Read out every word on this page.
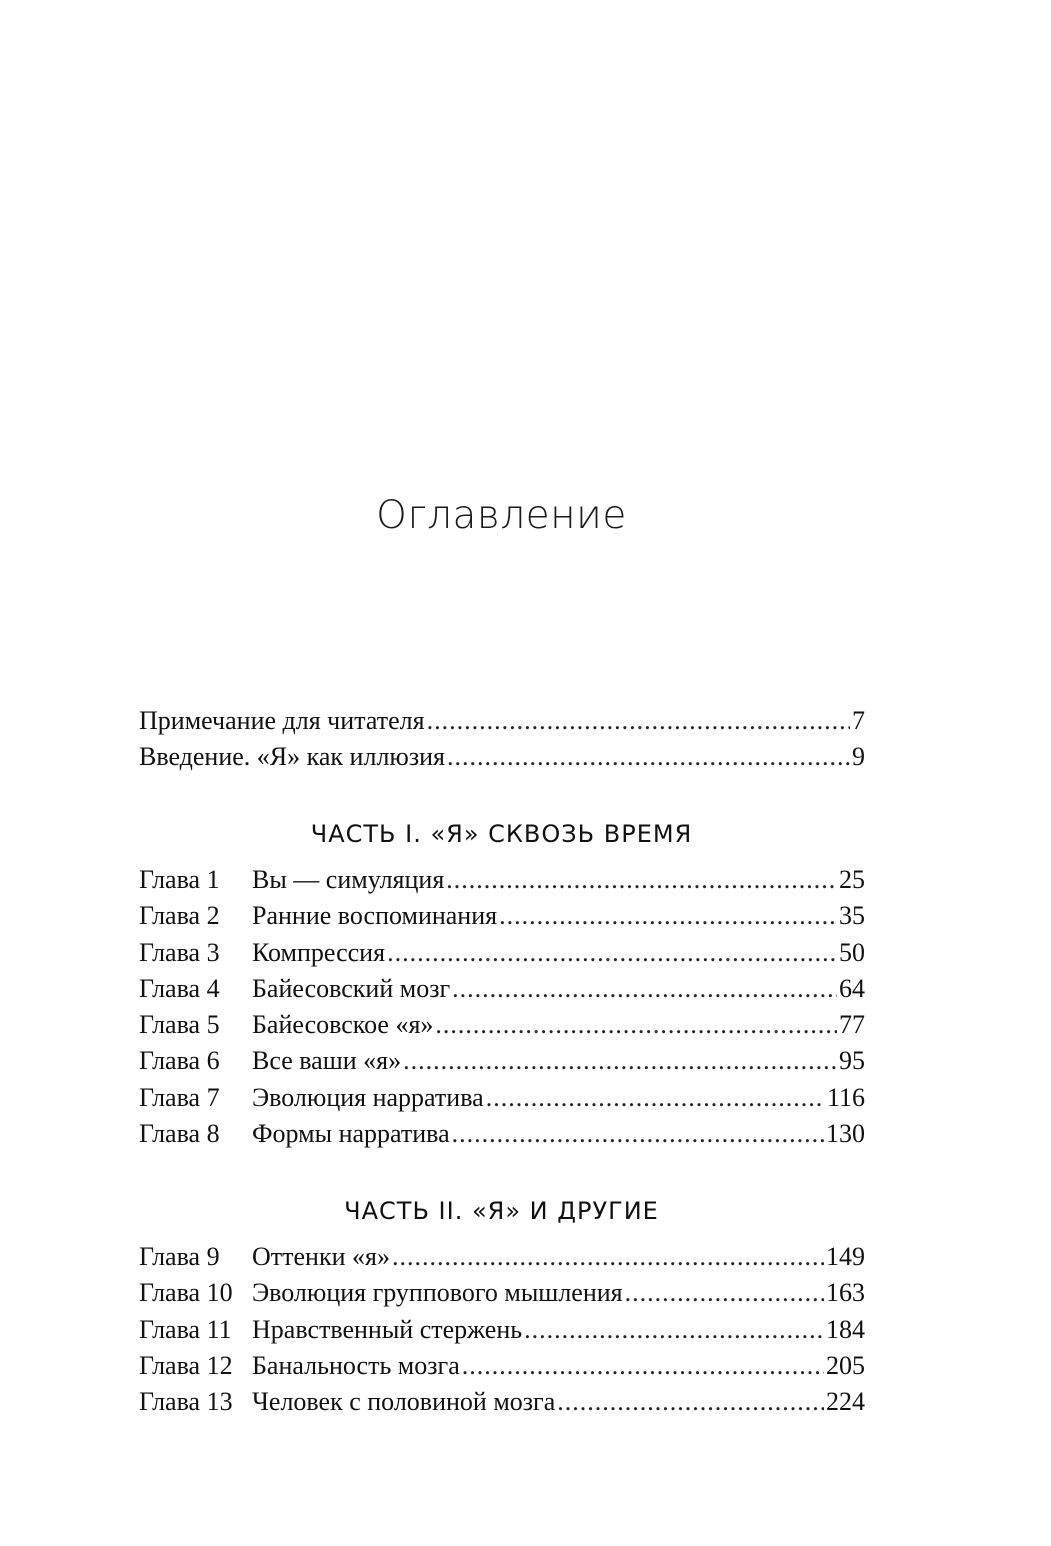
Оглавление
Примечание для читателя .....	7
Введение. «Я» как иллюзия .....	9
ЧАСТЬ I. «Я» СКВОЗЬ ВРЕМЯ
Глава 1	Вы — симуляция .....	25
Глава 2	Ранние воспоминания .....	35
Глава 3	Компрессия .....	50
Глава 4	Байесовский мозг .....	64
Глава 5	Байесовское «я» .....	77
Глава 6	Все ваши «я» .....	95
Глава 7	Эволюция нарратива .....	116
Глава 8	Формы нарратива .....	130
ЧАСТЬ II. «Я» И ДРУГИЕ
Глава 9	Оттенки «я» .....	149
Глава 10 Эволюция группового мышления .....	163
Глава 11 Нравственный стержень .....	184
Глава 12 Банальность мозга .....	205
Глава 13 Человек с половиной мозга .....	224
